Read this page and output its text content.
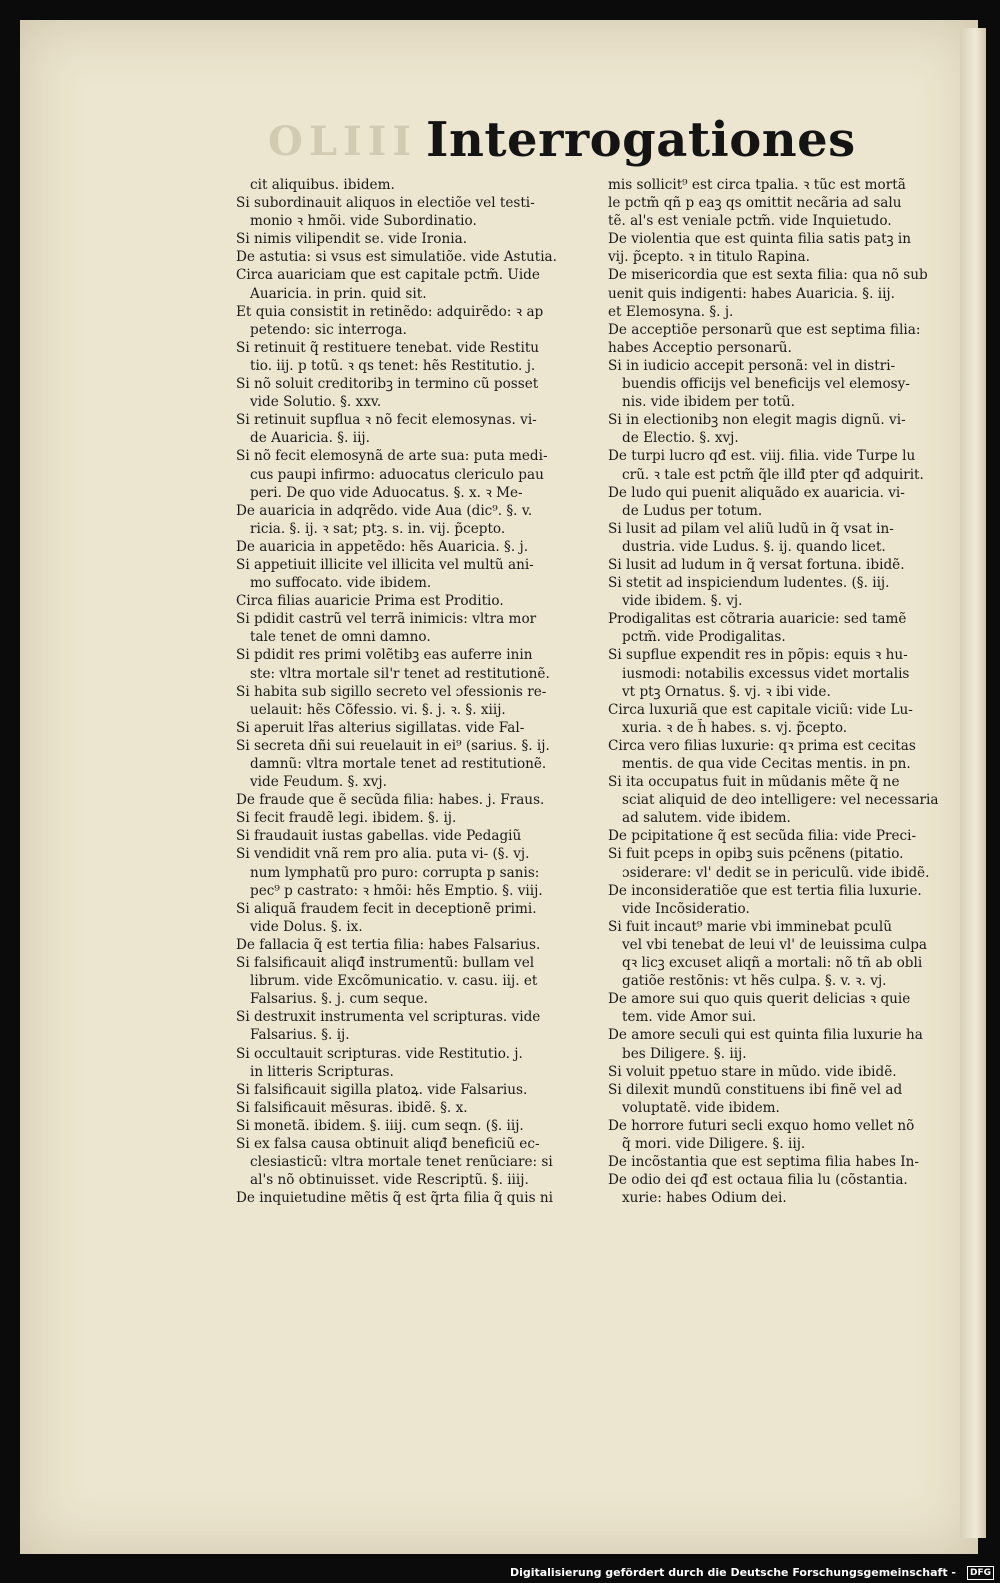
OLIII Interrogationes
cit aliquibus. ibidem.
Si subordinauit aliquos in electiõe vel testi-
monio ꝛ hmõi. vide Subordinatio.
Si nimis vilipendit se. vide Ironia.
De astutia: si vsus est simulatiõe. vide Astutia.
Circa auariciam que est capitale pctm̃. Uide
Auaricia. in prin. quid sit.
Et quia consistit in retinẽdo: adquirẽdo: ꝛ ap
petendo: sic interroga.
Si retinuit q̃ restituere tenebat. vide Restitu
tio. iij. p totũ. ꝛ qs tenet: hẽs Restitutio. j.
Si nõ soluit creditoribꝫ in termino cũ posset
vide Solutio. §. xxv.
Si retinuit supflua ꝛ nõ fecit elemosynas. vi-
de Auaricia. §. iij.
Si nõ fecit elemosynã de arte sua: puta medi-
cus paupi infirmo: aduocatus clericulo pau
peri. De quo vide Aduocatus. §. x. ꝛ Me-
De auaricia in adqrẽdo. vide Aua (dic⁹. §. v.
ricia. §. ij. ꝛ sat; ptꝫ. s. in. vij. p̃cepto.
De auaricia in appetẽdo: hẽs Auaricia. §. j.
Si appetiuit illicite vel illicita vel multũ ani-
mo suffocato. vide ibidem.
Circa filias auaricie Prima est Proditio.
Si pdidit castrũ vel terrã inimicis: vltra mor
tale tenet de omni damno.
Si pdidit res primi volẽtibꝫ eas auferre inin
ste: vltra mortale sil'r tenet ad restitutionẽ.
Si habita sub sigillo secreto vel ɔfessionis re-
uelauit: hẽs Cõfessio. vi. §. j. ꝛ. §. xiij.
Si aperuit lr̃as alterius sigillatas. vide Fal-
Si secreta dñi sui reuelauit in ei⁹ (sarius. §. ij.
damnũ: vltra mortale tenet ad restitutionẽ.
vide Feudum. §. xvj.
De fraude que ẽ secũda filia: habes. j. Fraus.
Si fecit fraudẽ legi. ibidem. §. ij.
Si fraudauit iustas gabellas. vide Pedagiũ
Si vendidit vnã rem pro alia. puta vi- (§. vj.
num lymphatũ pro puro: corrupta p sanis:
pec⁹ p castrato: ꝛ hmõi: hẽs Emptio. §. viij.
Si aliquã fraudem fecit in deceptionẽ primi.
vide Dolus. §. ix.
De fallacia q̃ est tertia filia: habes Falsarius.
Si falsificauit aliqđ instrumentũ: bullam vel
librum. vide Excõmunicatio. v. casu. iij. et
Falsarius. §. j. cum seque.
Si destruxit instrumenta vel scripturas. vide
Falsarius. §. ij.
Si occultauit scripturas. vide Restitutio. j.
in litteris Scripturas.
Si falsificauit sigilla platoꝝ. vide Falsarius.
Si falsificauit mẽsuras. ibidẽ. §. x.
Si monetã. ibidem. §. iiij. cum seqn. (§. iij.
Si ex falsa causa obtinuit aliqđ beneficiũ ec-
clesiasticũ: vltra mortale tenet renũciare: si
al's nõ obtinuisset. vide Rescriptũ. §. iiij.
De inquietudine mẽtis q̃ est q̃rta filia q̃ quis ni
mis sollicit⁹ est circa tpalia. ꝛ tũc est mortã
le pctm̃ qñ p eaꝫ qs omittit necãria ad salu
tẽ. al's est veniale pctm̃. vide Inquietudo.
De violentia que est quinta filia satis patꝫ in
vij. p̃cepto. ꝛ in titulo Rapina.
De misericordia que est sexta filia: qua nõ sub
uenit quis indigenti: habes Auaricia. §. iij.
et Elemosyna. §. j.
De acceptiõe personarũ que est septima filia:
habes Acceptio personarũ.
Si in iudicio accepit personã: vel in distri-
buendis officijs vel beneficijs vel elemosy-
nis. vide ibidem per totũ.
Si in electionibꝫ non elegit magis dignũ. vi-
de Electio. §. xvj.
De turpi lucro qđ est. viij. filia. vide Turpe lu
crũ. ꝛ tale est pctm̃ q̃le illđ pter qđ adquirit.
De ludo qui puenit aliquãdo ex auaricia. vi-
de Ludus per totum.
Si lusit ad pilam vel aliũ ludũ in q̃ vsat in-
dustria. vide Ludus. §. ij. quando licet.
Si lusit ad ludum in q̃ versat fortuna. ibidẽ.
Si stetit ad inspiciendum ludentes. (§. iij.
vide ibidem. §. vj.
Prodigalitas est cõtraria auaricie: sed tamẽ
pctm̃. vide Prodigalitas.
Si supflue expendit res in põpis: equis ꝛ hu-
iusmodi: notabilis excessus videt mortalis
vt ptꝫ Ornatus. §. vj. ꝛ ibi vide.
Circa luxuriã que est capitale viciũ: vide Lu-
xuria. ꝛ de h̃ habes. s. vj. p̃cepto.
Circa vero filias luxurie: qꝛ prima est cecitas
mentis. de qua vide Cecitas mentis. in pn.
Si ita occupatus fuit in mũdanis mẽte q̃ ne
sciat aliquid de deo intelligere: vel necessaria
ad salutem. vide ibidem.
De pcipitatione q̃ est secũda filia: vide Preci-
Si fuit pceps in opibꝫ suis pcẽnens (pitatio.
ɔsiderare: vl' dedit se in periculũ. vide ibidẽ.
De inconsideratiõe que est tertia filia luxurie.
vide Incõsideratio.
Si fuit incaut⁹ marie vbi imminebat pculũ
vel vbi tenebat de leui vl' de leuissima culpa
qꝛ licꝫ excuset aliqñ a mortali: nõ tñ ab obli
gatiõe restõnis: vt hẽs culpa. §. v. ꝛ. vj.
De amore sui quo quis querit delicias ꝛ quie
tem. vide Amor sui.
De amore seculi qui est quinta filia luxurie ha
bes Diligere. §. iij.
Si voluit ppetuo stare in mũdo. vide ibidẽ.
Si dilexit mundũ constituens ibi finẽ vel ad
voluptatẽ. vide ibidem.
De horrore futuri secli exquo homo vellet nõ
q̃ mori. vide Diligere. §. iij.
De incõstantia que est septima filia habes In-
De odio dei qđ est octaua filia lu (cõstantia.
xurie: habes Odium dei.
Digitalisierung gefördert durch die Deutsche Forschungsgemeinschaft -	DFG
